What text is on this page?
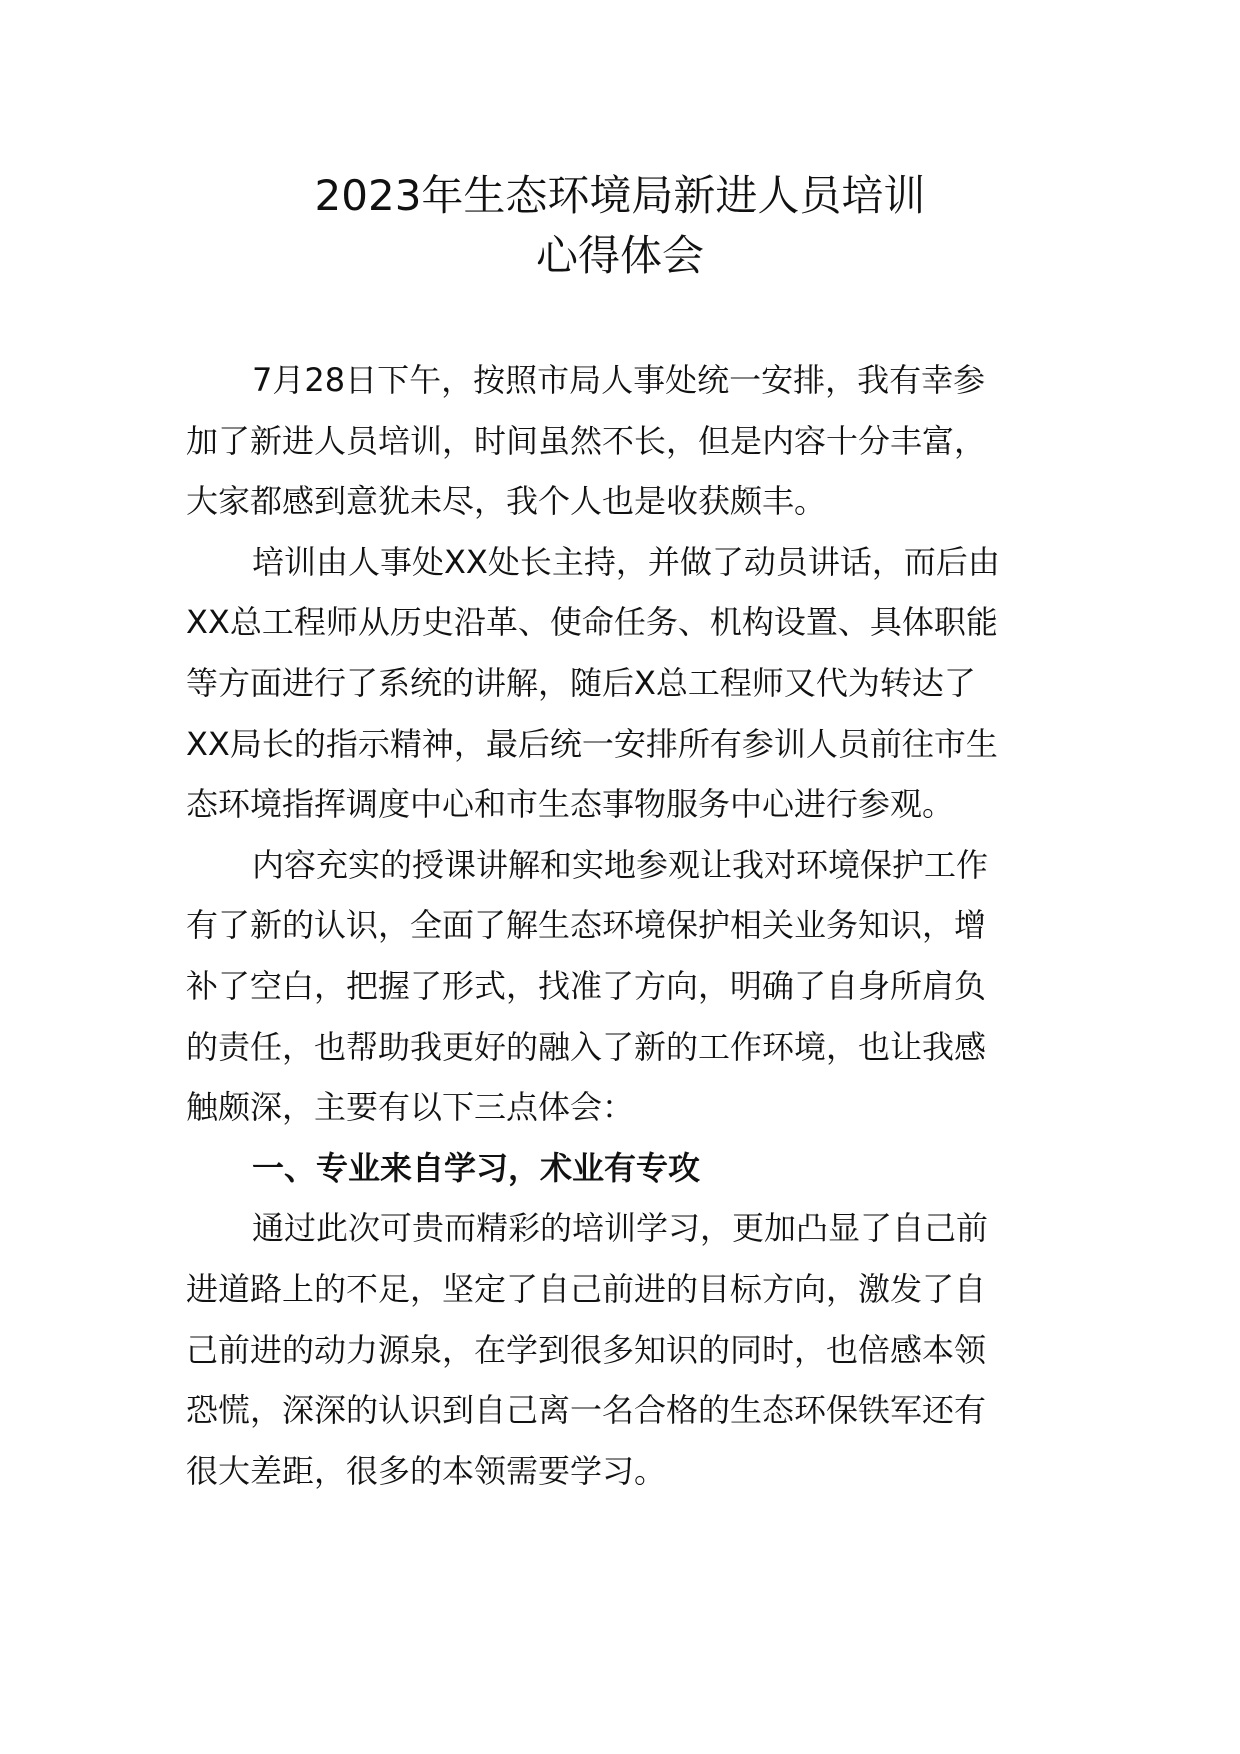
2023年生态环境局新进人员培训
心得体会
7月28日下午，按照市局人事处统一安排，我有幸参
加了新进人员培训，时间虽然不长，但是内容十分丰富，
大家都感到意犹未尽，我个人也是收获颇丰。
培训由人事处XX处长主持，并做了动员讲话，而后由
XX总工程师从历史沿革、使命任务、机构设置、具体职能
等方面进行了系统的讲解，随后X总工程师又代为转达了
XX局长的指示精神，最后统一安排所有参训人员前往市生
态环境指挥调度中心和市生态事物服务中心进行参观。
内容充实的授课讲解和实地参观让我对环境保护工作
有了新的认识，全面了解生态环境保护相关业务知识，增
补了空白，把握了形式，找准了方向，明确了自身所肩负
的责任，也帮助我更好的融入了新的工作环境，也让我感
触颇深，主要有以下三点体会：
一、专业来自学习，术业有专攻
通过此次可贵而精彩的培训学习，更加凸显了自己前
进道路上的不足，坚定了自己前进的目标方向，激发了自
己前进的动力源泉，在学到很多知识的同时，也倍感本领
恐慌，深深的认识到自己离一名合格的生态环保铁军还有
很大差距，很多的本领需要学习。
